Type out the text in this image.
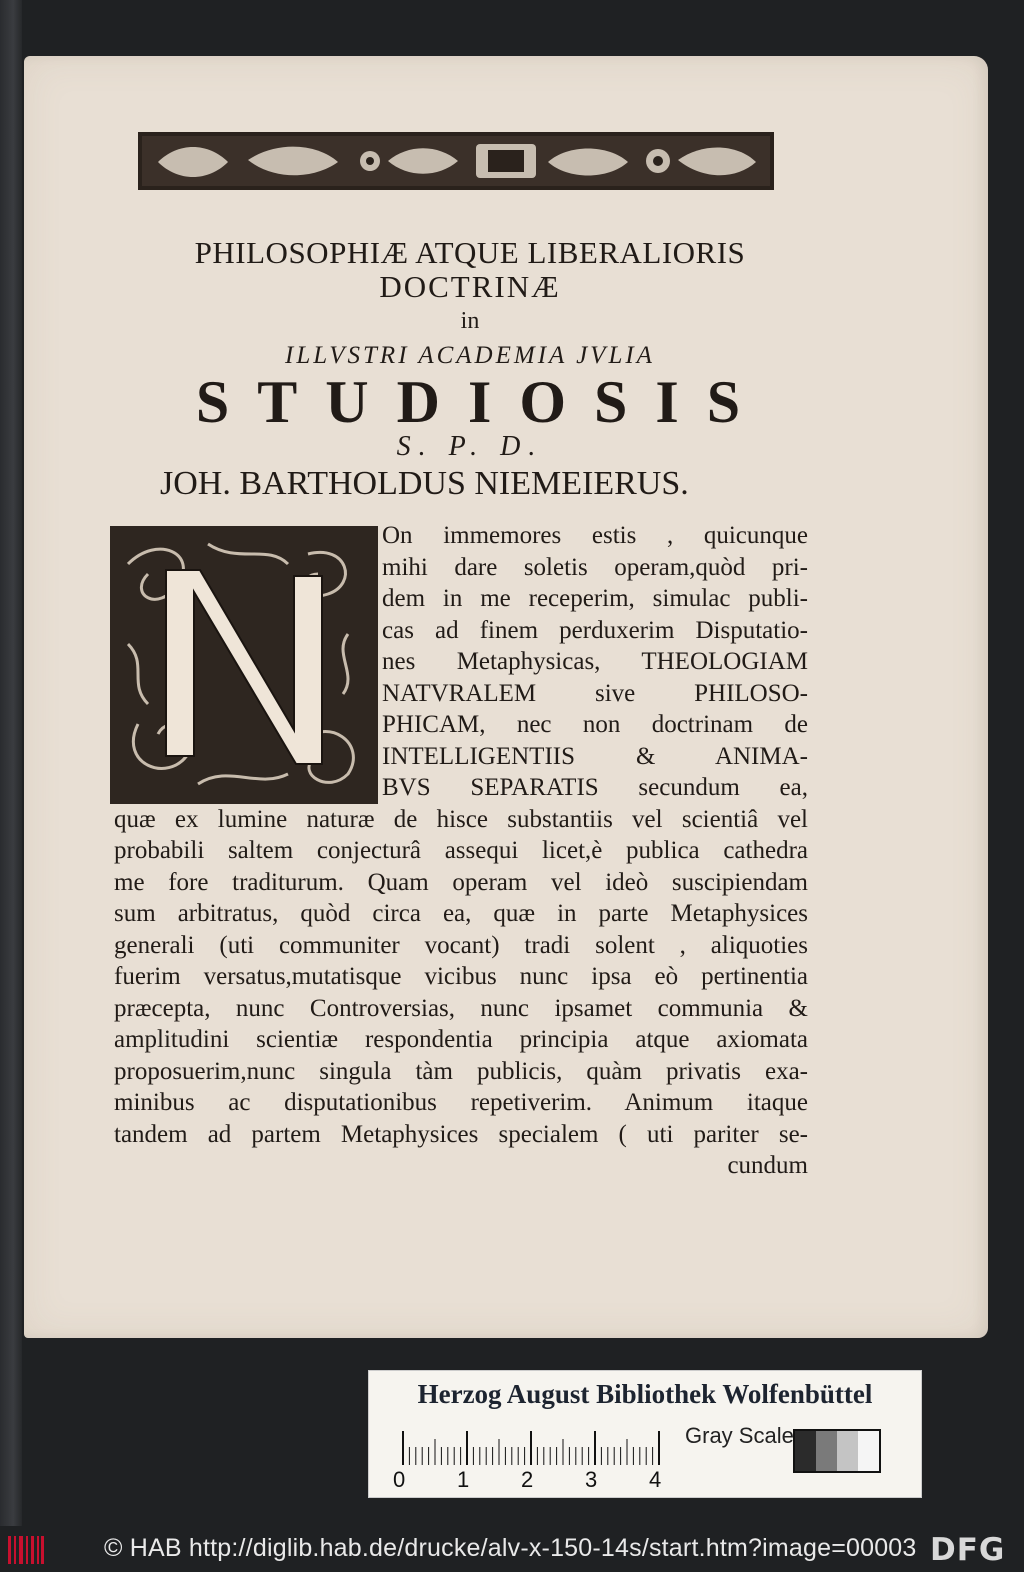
PHILOSOPHIÆ ATQUE LIBERALIORIS
DOCTRINÆ
in
ILLVSTRI ACADEMIA JVLIA
STUDIOSIS
S. P. D.
JOH. BARTHOLDUS NIEMEIERUS.
N
On immemores estis , quicunque
mihi dare soletis operam,quòd pri-
dem in me receperim, simulac publi-
cas ad finem perduxerim Disputatio-
nes Metaphysicas, THEOLOGIAM
NATVRALEM sive PHILOSO-
PHICAM, nec non doctrinam de
INTELLIGENTIIS & ANIMA-
BVS SEPARATIS secundum ea,
quæ ex lumine naturæ de hisce substantiis vel scientiâ vel
probabili saltem conjecturâ assequi licet,è publica cathedra
me fore traditurum. Quam operam vel ideò suscipiendam
sum arbitratus, quòd circa ea, quæ in parte Metaphysices
generali (uti communiter vocant) tradi solent , aliquoties
fuerim versatus,mutatisque vicibus nunc ipsa eò pertinentia
præcepta, nunc Controversias, nunc ipsamet communia &
amplitudini scientiæ respondentia principia atque axiomata
proposuerim,nunc singula tàm publicis, quàm privatis exa-
minibus ac disputationibus repetiverim. Animum itaque
tandem ad partem Metaphysices specialem ( uti pariter se-
cundum
Herzog August Bibliothek Wolfenbüttel
0 1 2 3 4
Gray Scale
© HAB http://diglib.hab.de/drucke/alv-x-150-14s/start.htm?image=00003 DFG
